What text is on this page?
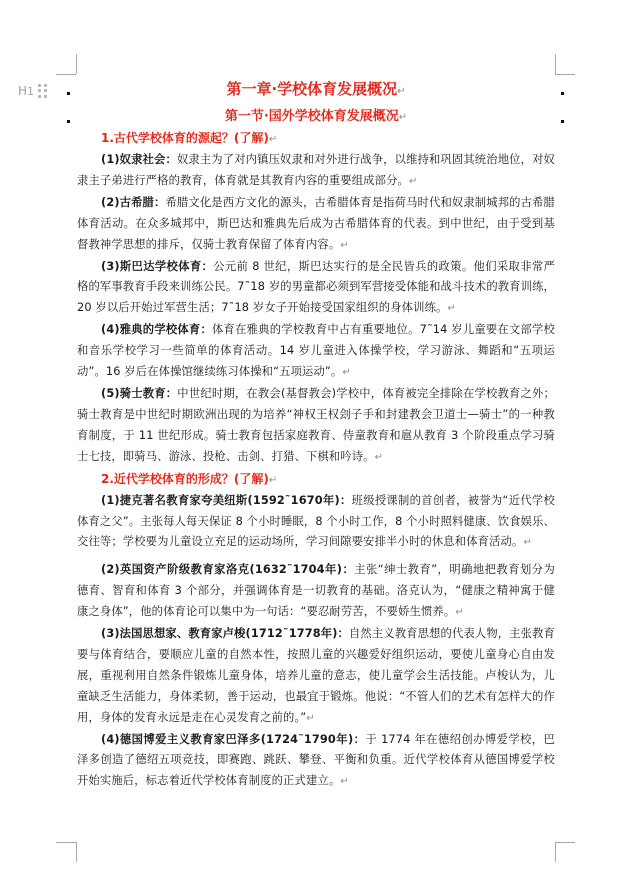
H1	第一章·学校体育发展概况↵

第一节·国外学校体育发展概况↵

1.古代学校体育的源起？(了解)↵

(1)奴隶社会：奴隶主为了对内镇压奴隶和对外进行战争，以维持和巩固其统治地位，对奴隶主子弟进行严格的教育，体育就是其教育内容的重要组成部分。↵

(2)古希腊：希腊文化是西方文化的源头，古希腊体育是指荷马时代和奴隶制城邦的古希腊体育活动。在众多城邦中，斯巴达和雅典先后成为古希腊体育的代表。到中世纪，由于受到基督教神学思想的排斥，仅骑士教育保留了体育内容。↵

(3)斯巴达学校体育：公元前 8 世纪，斯巴达实行的是全民皆兵的政策。他们采取非常严格的军事教育手段来训练公民。7˜18 岁的男童都必须到军营接受体能和战斗技术的教育训练，20 岁以后开始过军营生活；7˜18 岁女子开始接受国家组织的身体训练。↵

(4)雅典的学校体育：体育在雅典的学校教育中占有重要地位。7˜14 岁儿童要在文部学校和音乐学校学习一些简单的体育活动。14 岁儿童进入体操学校，学习游泳、舞蹈和“五项运动”。16 岁后在体操馆继续练习体操和“五项运动”。↵

(5)骑士教育：中世纪时期，在教会(基督教会)学校中，体育被完全排除在学校教育之外；骑士教育是中世纪时期欧洲出现的为培养“神权王权刽子手和封建教会卫道士—骑士”的一种教育制度，于 11 世纪形成。骑士教育包括家庭教育、侍童教育和扈从教育 3 个阶段重点学习骑士七技，即骑马、游泳、投枪、击剑、打猎、下棋和吟诗。↵

2.近代学校体育的形成？(了解)↵

(1)捷克著名教育家夸美纽斯(1592˜1670年)：班级授课制的首创者，被誉为“近代学校体育之父”。主张每人每天保证 8 个小时睡眠，8 个小时工作，8 个小时照料健康、饮食娱乐、交往等；学校要为儿童设立充足的运动场所，学习间隙要安排半小时的休息和体育活动。↵

(2)英国资产阶级教育家洛克(1632˜1704年)：主张“绅士教育”，明确地把教育划分为德育、智育和体育 3 个部分，并强调体育是一切教育的基础。洛克认为，“健康之精神寓于健康之身体”，他的体育论可以集中为一句话：“要忍耐劳苦，不要娇生惯养。↵

(3)法国思想家、教育家卢梭(1712˜1778年)：自然主义教育思想的代表人物，主张教育要与体育结合，要顺应儿童的自然本性，按照儿童的兴趣爱好组织运动，要使儿童身心自由发展，重视利用自然条件锻炼儿童身体，培养儿童的意志，使儿童学会生活技能。卢梭认为，儿童缺乏生活能力，身体柔韧，善于运动，也最宜于锻炼。他说：“不管人们的艺术有怎样大的作用，身体的发育永远是走在心灵发育之前的。”↵

(4)德国博爱主义教育家巴泽多(1724˜1790年)：于 1774 年在德绍创办博爱学校，巴泽多创造了德绍五项竞技，即赛跑、跳跃、攀登、平衡和负重。近代学校体育从德国博爱学校开始实施后，标志着近代学校体育制度的正式建立。↵
